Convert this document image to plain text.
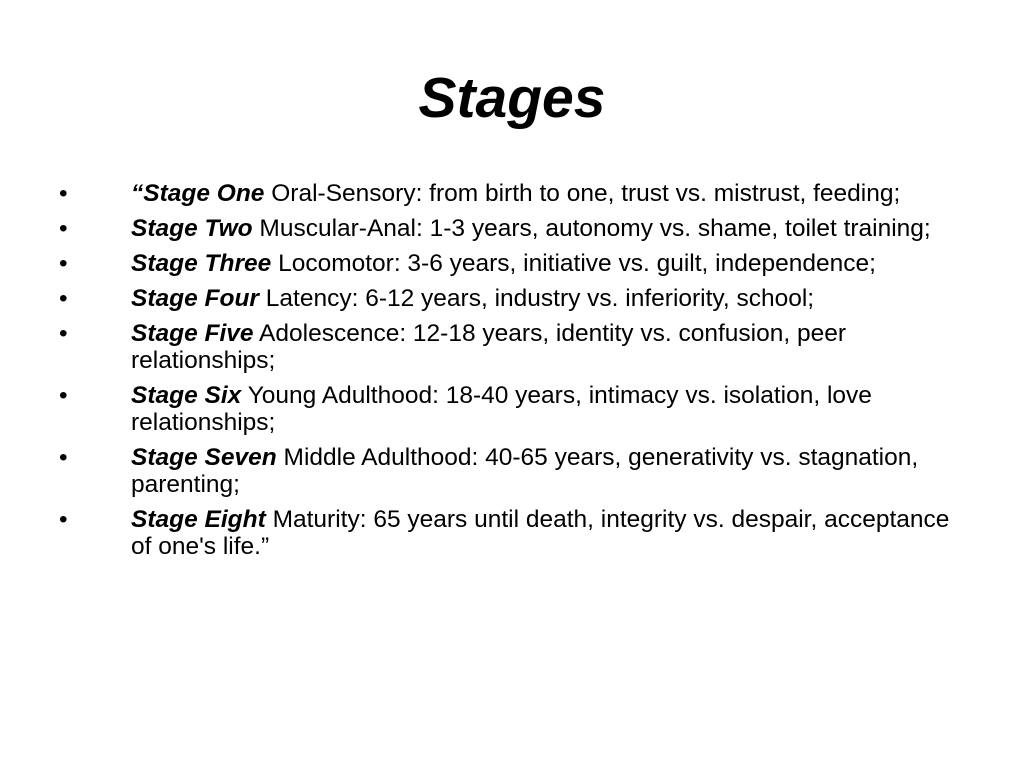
Stages
•	“Stage One Oral-Sensory: from birth to one, trust vs. mistrust, feeding;
•	Stage Two Muscular-Anal: 1-3 years, autonomy vs. shame, toilet training;
•	Stage Three Locomotor: 3-6 years, initiative vs. guilt, independence;
•	Stage Four Latency: 6-12 years, industry vs. inferiority, school;
•	Stage Five Adolescence: 12-18 years, identity vs. confusion, peer relationships;
•	Stage Six Young Adulthood: 18-40 years, intimacy vs. isolation, love relationships;
•	Stage Seven Middle Adulthood: 40-65 years, generativity vs. stagnation, parenting;
•	Stage Eight Maturity: 65 years until death, integrity vs. despair, acceptance of one's life.”
